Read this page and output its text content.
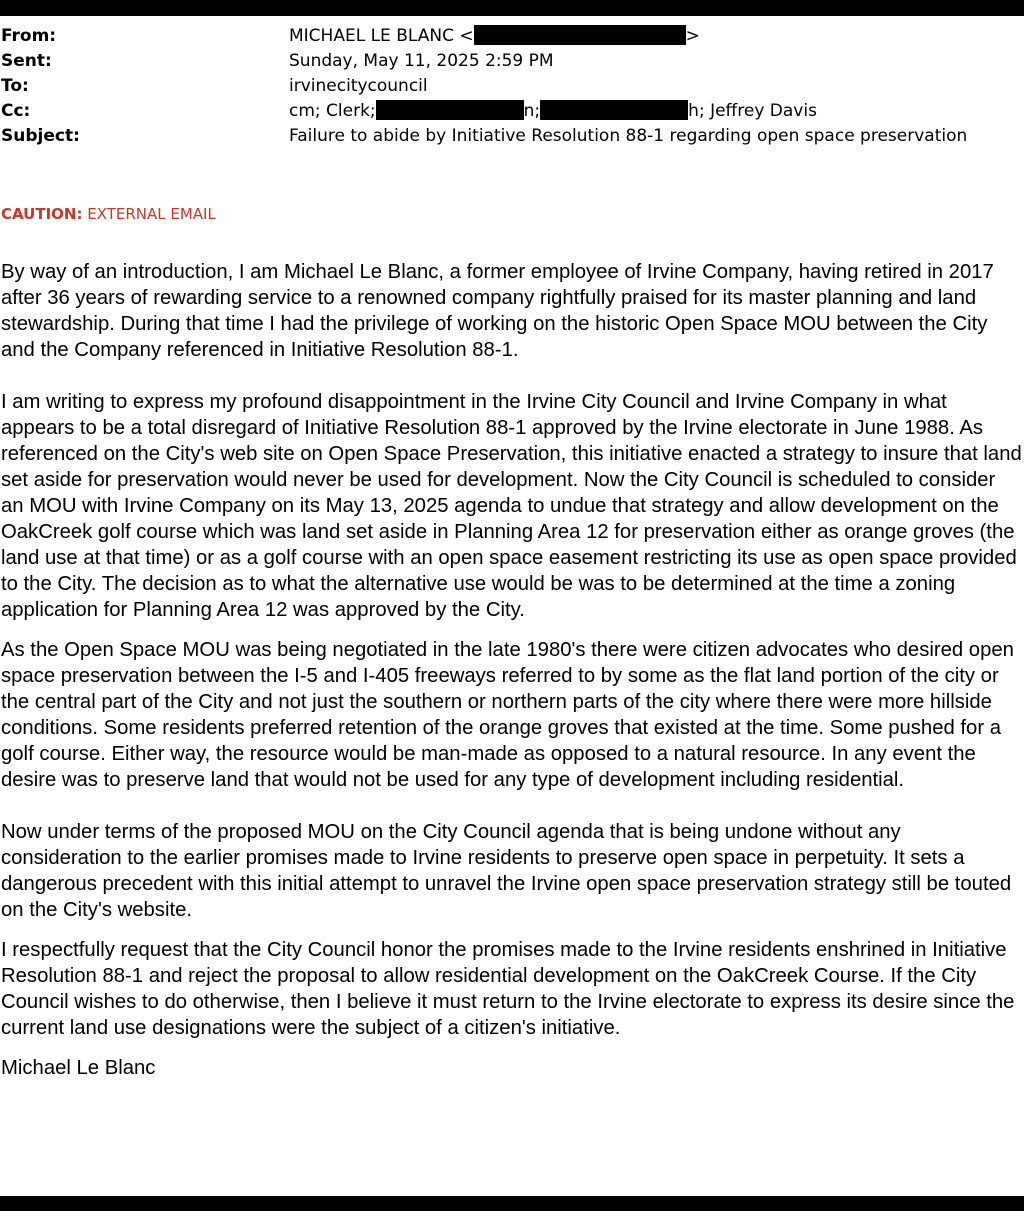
From:	MICHAEL LE BLANC <	>
Sent:	Sunday, May 11, 2025 2:59 PM
To:	irvinecitycouncil
Cc:	cm; Clerk;	n;	h; Jeffrey Davis
Subject:	Failure to abide by Initiative Resolution 88-1 regarding open space preservation
CAUTION: EXTERNAL EMAIL

By way of an introduction, I am Michael Le Blanc, a former employee of Irvine Company, having retired in 2017 after 36 years of rewarding service to a renowned company rightfully praised for its master planning and land stewardship. During that time I had the privilege of working on the historic Open Space MOU between the City and the Company referenced in Initiative Resolution 88-1.

I am writing to express my profound disappointment in the Irvine City Council and Irvine Company in what appears to be a total disregard of Initiative Resolution 88-1 approved by the Irvine electorate in June 1988. As referenced on the City's web site on Open Space Preservation, this initiative enacted a strategy to insure that land set aside for preservation would never be used for development. Now the City Council is scheduled to consider an MOU with Irvine Company on its May 13, 2025 agenda to undue that strategy and allow development on the OakCreek golf course which was land set aside in Planning Area 12 for preservation either as orange groves (the land use at that time) or as a golf course with an open space easement restricting its use as open space provided to the City. The decision as to what the alternative use would be was to be determined at the time a zoning application for Planning Area 12 was approved by the City.

As the Open Space MOU was being negotiated in the late 1980's there were citizen advocates who desired open space preservation between the I-5 and I-405 freeways referred to by some as the flat land portion of the city or the central part of the City and not just the southern or northern parts of the city where there were more hillside conditions. Some residents preferred retention of the orange groves that existed at the time. Some pushed for a golf course. Either way, the resource would be man-made as opposed to a natural resource. In any event the desire was to preserve land that would not be used for any type of development including residential.

Now under terms of the proposed MOU on the City Council agenda that is being undone without any consideration to the earlier promises made to Irvine residents to preserve open space in perpetuity. It sets a dangerous precedent with this initial attempt to unravel the Irvine open space preservation strategy still be touted on the City's website.

I respectfully request that the City Council honor the promises made to the Irvine residents enshrined in Initiative Resolution 88-1 and reject the proposal to allow residential development on the OakCreek Course. If the City Council wishes to do otherwise, then I believe it must return to the Irvine electorate to express its desire since the current land use designations were the subject of a citizen's initiative.

Michael Le Blanc
